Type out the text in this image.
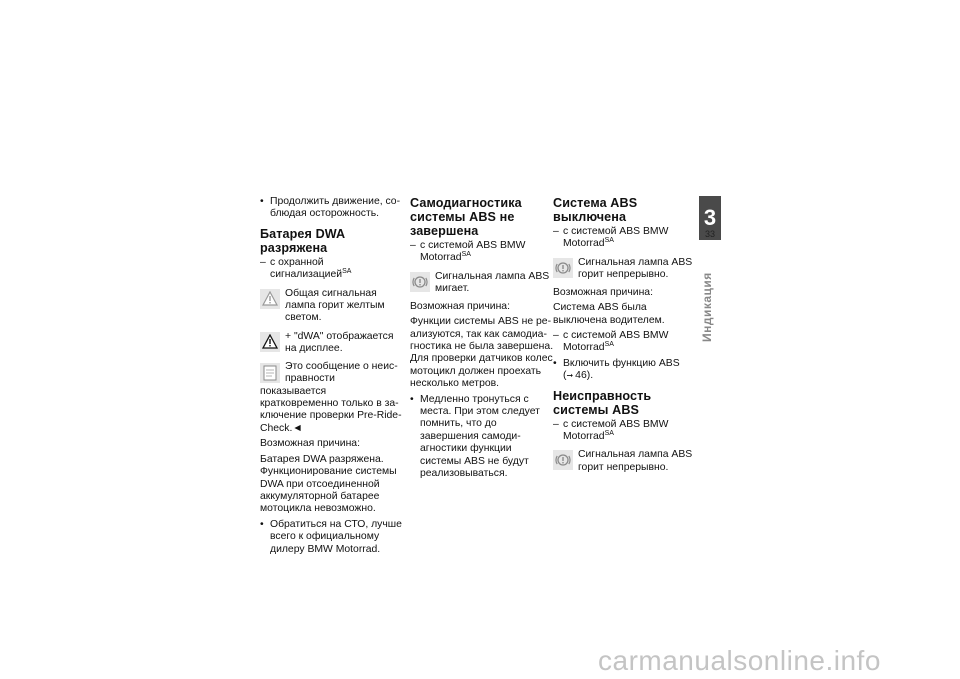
• Продолжить движение, соблюдая осторожность.

Батарея DWA разряжена

– с охранной сигнализацией$^{SA}$

Общая сигнальная лампа горит желтым светом.
+ "dWA" отображается на дисплее.

Это сообщение о неисправности показывается кратковременно только в заключение проверки Pre-Ride-Check.◄

Возможная причина:

Батарея DWA разряжена. Функционирование системы DWA при отсоединенной аккумуляторной батарее мотоцикла невозможно.

• Обратиться на СТО, лучше всего к официальному дилеру BMW Motorrad.

Самодиагностика системы ABS не завершена

– с системой ABS BMW Motorrad$^{SA}$

Сигнальная лампа ABS мигает.

Возможная причина:

Функции системы ABS не реализуются, так как самодиагностика не была завершена. Для проверки датчиков колес мотоцикл должен проехать несколько метров.

• Медленно тронуться с места. При этом следует помнить, что до завершения самодиагностики функции системы ABS не будут реализовываться.

Система ABS выключена

– с системой ABS BMW Motorrad$^{SA}$

Сигнальная лампа ABS горит непрерывно.

Возможная причина:

Система ABS была выключена водителем.

– с системой ABS BMW Motorrad$^{SA}$

• Включить функцию ABS
(➞ 46).

Неисправность системы ABS

– с системой ABS BMW Motorrad$^{SA}$

Сигнальная лампа ABS горит непрерывно.
3
33
Индикация
carmanualsonline.info
